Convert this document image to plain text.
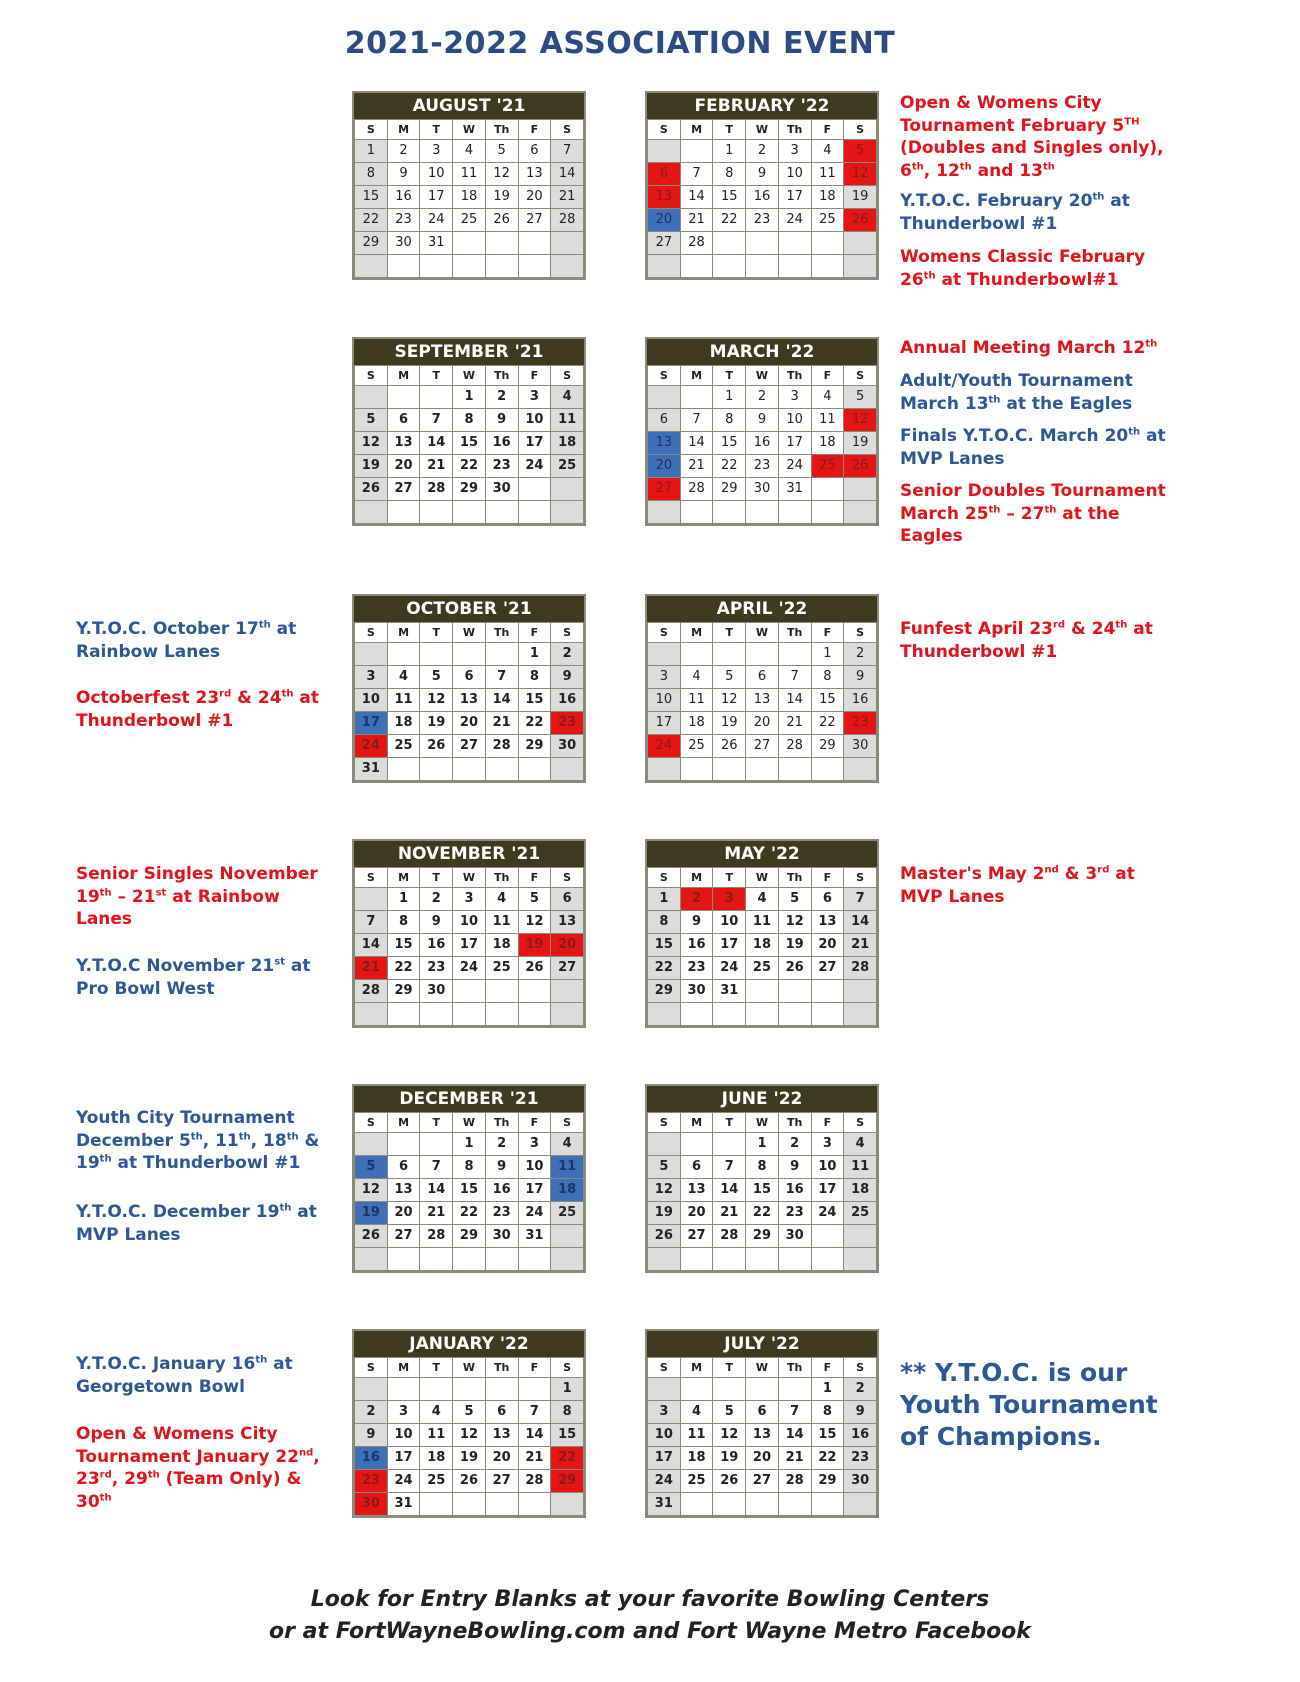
2021-2022 ASSOCIATION EVENT
AUGUST '21
S	M	T	W	Th	F	S
1	2	3	4	5	6	7
8	9	10	11	12	13	14
15	16	17	18	19	20	21
22	23	24	25	26	27	28
29	30	31				

FEBRUARY '22
S	M	T	W	Th	F	S
		1	2	3	4	5
6	7	8	9	10	11	12
13	14	15	16	17	18	19
20	21	22	23	24	25	26
27	28					

SEPTEMBER '21
S	M	T	W	Th	F	S
			1	2	3	4
5	6	7	8	9	10	11
12	13	14	15	16	17	18
19	20	21	22	23	24	25
26	27	28	29	30		

MARCH '22
S	M	T	W	Th	F	S
		1	2	3	4	5
6	7	8	9	10	11	12
13	14	15	16	17	18	19
20	21	22	23	24	25	26
27	28	29	30	31		

OCTOBER '21
S	M	T	W	Th	F	S
					1	2
3	4	5	6	7	8	9
10	11	12	13	14	15	16
17	18	19	20	21	22	23
24	25	26	27	28	29	30
31						
APRIL '22
S	M	T	W	Th	F	S
					1	2
3	4	5	6	7	8	9
10	11	12	13	14	15	16
17	18	19	20	21	22	23
24	25	26	27	28	29	30

NOVEMBER '21
S	M	T	W	Th	F	S
	1	2	3	4	5	6
7	8	9	10	11	12	13
14	15	16	17	18	19	20
21	22	23	24	25	26	27
28	29	30				

MAY '22
S	M	T	W	Th	F	S
1	2	3	4	5	6	7
8	9	10	11	12	13	14
15	16	17	18	19	20	21
22	23	24	25	26	27	28
29	30	31				

DECEMBER '21
S	M	T	W	Th	F	S
			1	2	3	4
5	6	7	8	9	10	11
12	13	14	15	16	17	18
19	20	21	22	23	24	25
26	27	28	29	30	31	

JUNE '22
S	M	T	W	Th	F	S
			1	2	3	4
5	6	7	8	9	10	11
12	13	14	15	16	17	18
19	20	21	22	23	24	25
26	27	28	29	30		

JANUARY '22
S	M	T	W	Th	F	S
						1
2	3	4	5	6	7	8
9	10	11	12	13	14	15
16	17	18	19	20	21	22
23	24	25	26	27	28	29
30	31					
JULY '22
S	M	T	W	Th	F	S
					1	2
3	4	5	6	7	8	9
10	11	12	13	14	15	16
17	18	19	20	21	22	23
24	25	26	27	28	29	30
31						
Open & Womens City
Tournament February 5TH
(Doubles and Singles only),
6th, 12th and 13th
Y.T.O.C. February 20th at
Thunderbowl #1
Womens Classic February
26th at Thunderbowl#1
Annual Meeting March 12th
Adult/Youth Tournament
March 13th at the Eagles
Finals Y.T.O.C. March 20th at
MVP Lanes
Senior Doubles Tournament
March 25th – 27th at the
Eagles
Y.T.O.C. October 17th at
Rainbow Lanes
Octoberfest 23rd & 24th at
Thunderbowl #1
Funfest April 23rd & 24th at
Thunderbowl #1
Senior Singles November
19th – 21st at Rainbow
Lanes
Y.T.O.C November 21st at
Pro Bowl West
Master's May 2nd & 3rd at
MVP Lanes
Youth City Tournament
December 5th, 11th, 18th &
19th at Thunderbowl #1
Y.T.O.C. December 19th at
MVP Lanes
Y.T.O.C. January 16th at
Georgetown Bowl
Open & Womens City
Tournament January 22nd,
23rd, 29th (Team Only) &
30th
** Y.T.O.C. is our
Youth Tournament
of Champions.
Look for Entry Blanks at your favorite Bowling Centers
or at FortWayneBowling.com and Fort Wayne Metro Facebook
